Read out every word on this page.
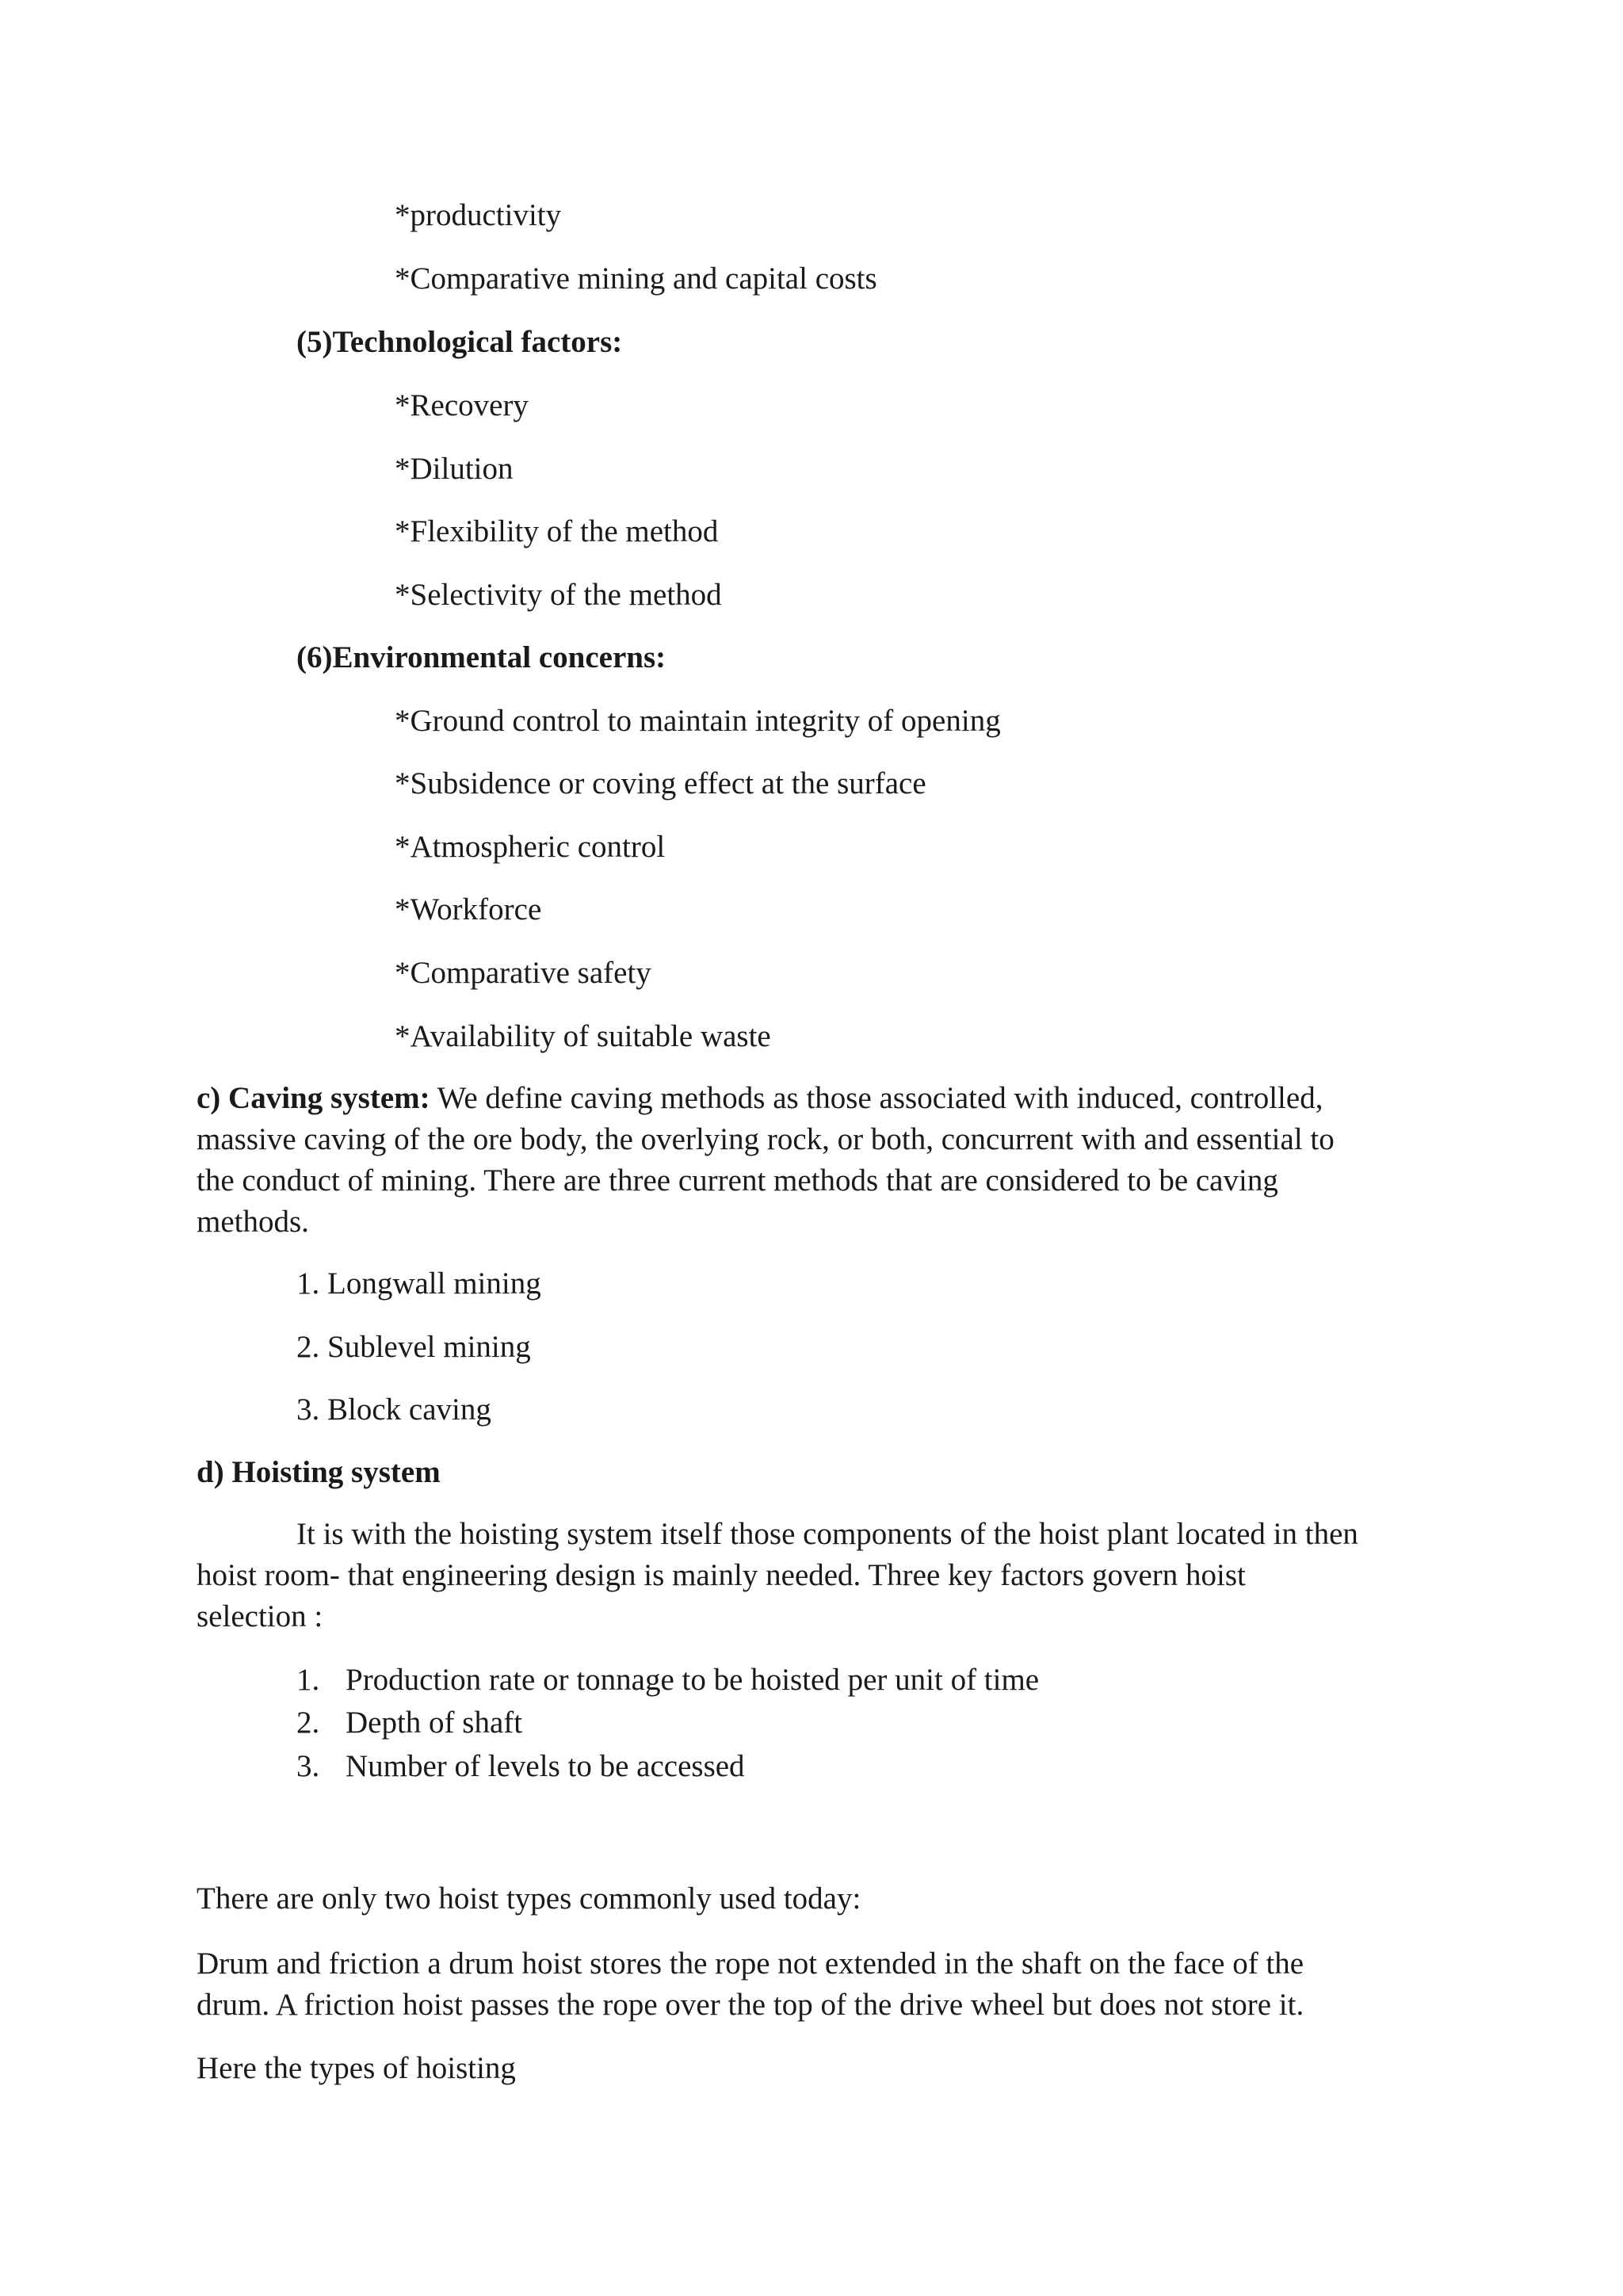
*productivity

*Comparative mining and capital costs

(5)Technological factors:

*Recovery

*Dilution

*Flexibility of the method

*Selectivity of the method

(6)Environmental concerns:

*Ground control to maintain integrity of opening

*Subsidence or coving effect at the surface

*Atmospheric control

*Workforce

*Comparative safety

*Availability of suitable waste

c) Caving system: We define caving methods as those associated with induced, controlled,

massive caving of the ore body, the overlying rock, or both, concurrent with and essential to

the conduct of mining. There are three current methods that are considered to be caving

methods.

1. Longwall mining

2. Sublevel mining

3. Block caving

d) Hoisting system

It is with the hoisting system itself those components of the hoist plant located in then

hoist room- that engineering design is mainly needed. Three key factors govern hoist

selection :

1. Production rate or tonnage to be hoisted per unit of time

2. Depth of shaft

3. Number of levels to be accessed

There are only two hoist types commonly used today:

Drum and friction a drum hoist stores the rope not extended in the shaft on the face of the

drum. A friction hoist passes the rope over the top of the drive wheel but does not store it.

Here the types of hoisting
